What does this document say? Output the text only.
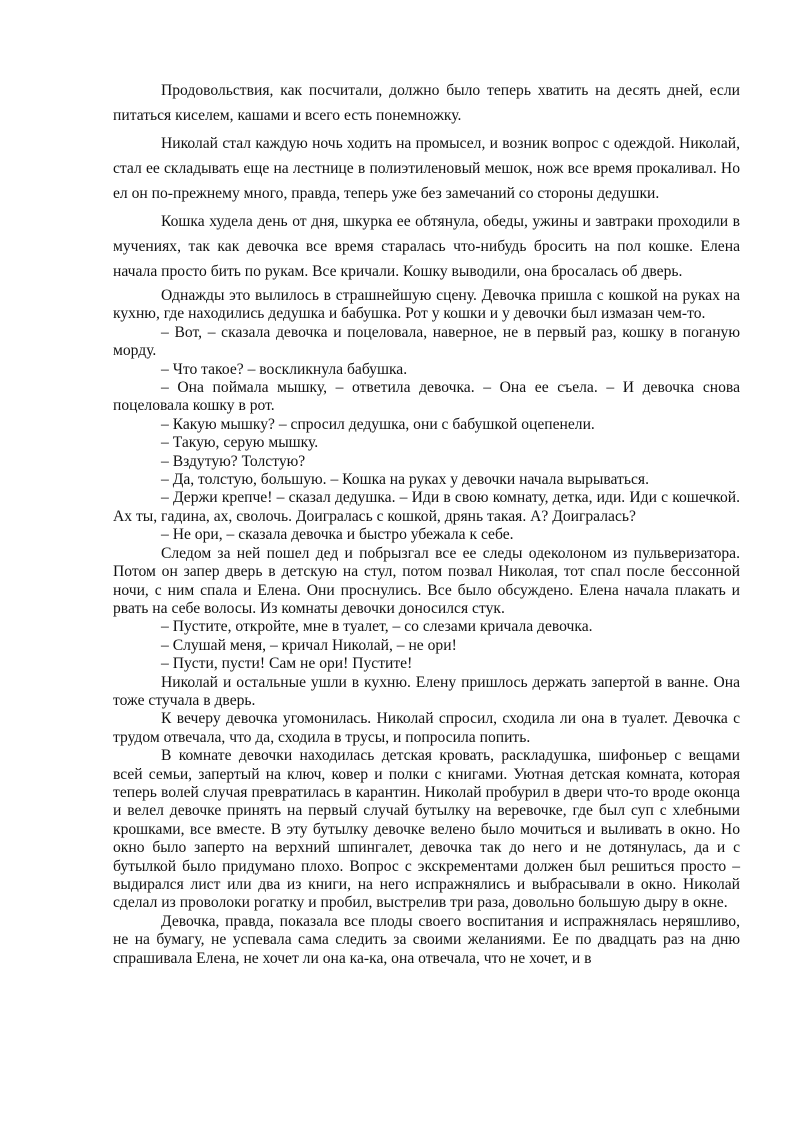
Продовольствия, как посчитали, должно было теперь хватить на десять дней, если питаться киселем, кашами и всего есть понемножку.

Николай стал каждую ночь ходить на промысел, и возник вопрос с одеждой. Николай, стал ее складывать еще на лестнице в полиэтиленовый мешок, нож все время прокаливал. Но ел он по-прежнему много, правда, теперь уже без замечаний со стороны дедушки.

Кошка худела день от дня, шкурка ее обтянула, обеды, ужины и завтраки проходили в мучениях, так как девочка все время старалась что-нибудь бросить на пол кошке. Елена начала просто бить по рукам. Все кричали. Кошку выводили, она бросалась об дверь.

Однажды это вылилось в страшнейшую сцену. Девочка пришла с кошкой на руках на кухню, где находились дедушка и бабушка. Рот у кошки и у девочки был измазан чем-то.

– Вот, – сказала девочка и поцеловала, наверное, не в первый раз, кошку в поганую морду.

– Что такое? – воскликнула бабушка.

– Она поймала мышку, – ответила девочка. – Она ее съела. – И девочка снова поцеловала кошку в рот.

– Какую мышку? – спросил дедушка, они с бабушкой оцепенели.

– Такую, серую мышку.

– Вздутую? Толстую?

– Да, толстую, большую. – Кошка на руках у девочки начала вырываться.

– Держи крепче! – сказал дедушка. – Иди в свою комнату, детка, иди. Иди с кошечкой. Ах ты, гадина, ах, сволочь. Доигралась с кошкой, дрянь такая. А? Доигралась?

– Не ори, – сказала девочка и быстро убежала к себе.

Следом за ней пошел дед и побрызгал все ее следы одеколоном из пульверизатора. Потом он запер дверь в детскую на стул, потом позвал Николая, тот спал после бессонной ночи, с ним спала и Елена. Они проснулись. Все было обсуждено. Елена начала плакать и рвать на себе волосы. Из комнаты девочки доносился стук.

– Пустите, откройте, мне в туалет, – со слезами кричала девочка.

– Слушай меня, – кричал Николай, – не ори!

– Пусти, пусти! Сам не ори! Пустите!

Николай и остальные ушли в кухню. Елену пришлось держать запертой в ванне. Она тоже стучала в дверь.

К вечеру девочка угомонилась. Николай спросил, сходила ли она в туалет. Девочка с трудом отвечала, что да, сходила в трусы, и попросила попить.

В комнате девочки находилась детская кровать, раскладушка, шифоньер с вещами всей семьи, запертый на ключ, ковер и полки с книгами. Уютная детская комната, которая теперь волей случая превратилась в карантин. Николай пробурил в двери что-то вроде оконца и велел девочке принять на первый случай бутылку на веревочке, где был суп с хлебными крошками, все вместе. В эту бутылку девочке велено было мочиться и выливать в окно. Но окно было заперто на верхний шпингалет, девочка так до него и не дотянулась, да и с бутылкой было придумано плохо. Вопрос с экскрементами должен был решиться просто – выдирался лист или два из книги, на него испражнялись и выбрасывали в окно. Николай сделал из проволоки рогатку и пробил, выстрелив три раза, довольно большую дыру в окне.

Девочка, правда, показала все плоды своего воспитания и испражнялась неряшливо, не на бумагу, не успевала сама следить за своими желаниями. Ее по двадцать раз на дню спрашивала Елена, не хочет ли она ка-ка, она отвечала, что не хочет, и в
